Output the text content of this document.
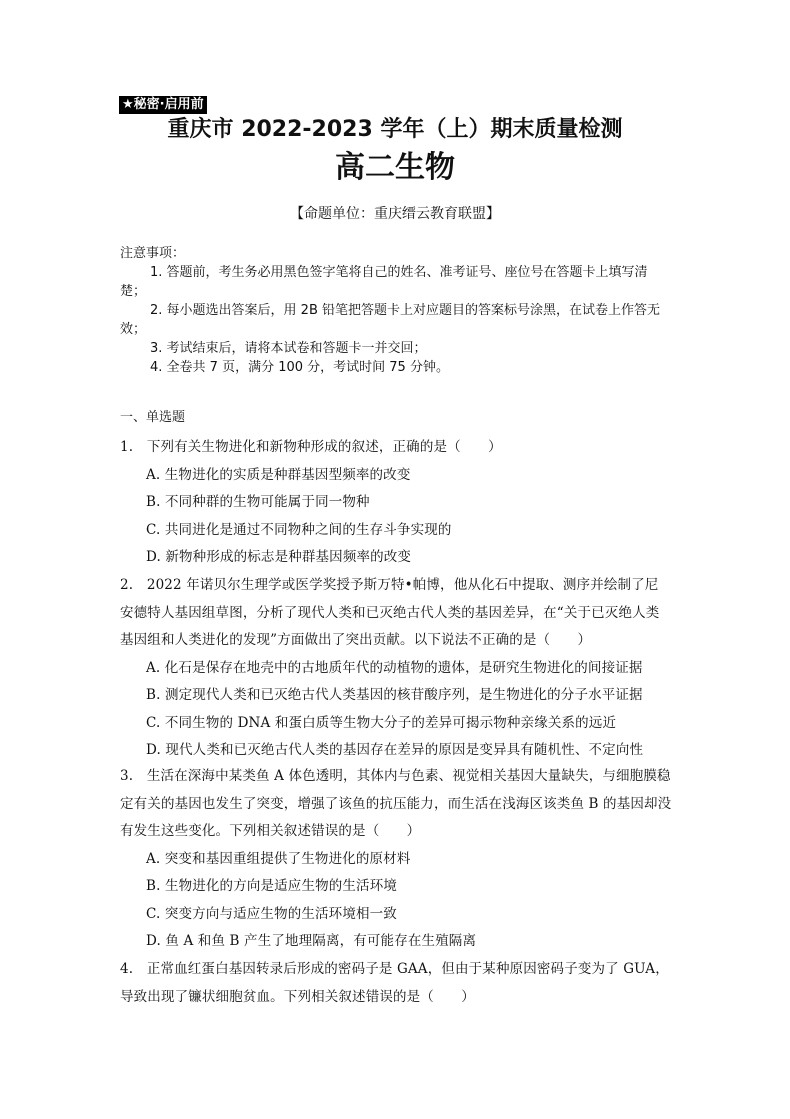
★秘密·启用前
重庆市 2022-2023 学年（上）期末质量检测
高二生物
【命题单位：重庆缙云教育联盟】

注意事项：

1. 答题前，考生务必用黑色签字笔将自己的姓名、准考证号、座位号在答题卡上填写清楚；

2. 每小题选出答案后，用 2B 铅笔把答题卡上对应题目的答案标号涂黑，在试卷上作答无效；

3. 考试结束后，请将本试卷和答题卡一并交回；

4. 全卷共 7 页，满分 100 分，考试时间 75 分钟。

一、单选题

1.　下列有关生物进化和新物种形成的叙述，正确的是（　　）

A. 生物进化的实质是种群基因型频率的改变

B. 不同种群的生物可能属于同一物种

C. 共同进化是通过不同物种之间的生存斗争实现的

D. 新物种形成的标志是种群基因频率的改变

2.　2022 年诺贝尔生理学或医学奖授予斯万特•帕博，他从化石中提取、测序并绘制了尼安德特人基因组草图，分析了现代人类和已灭绝古代人类的基因差异，在“关于已灭绝人类基因组和人类进化的发现”方面做出了突出贡献。以下说法不正确的是（　　）

A. 化石是保存在地壳中的古地质年代的动植物的遗体，是研究生物进化的间接证据

B. 测定现代人类和已灭绝古代人类基因的核苷酸序列，是生物进化的分子水平证据

C. 不同生物的 DNA 和蛋白质等生物大分子的差异可揭示物种亲缘关系的远近

D. 现代人类和已灭绝古代人类的基因存在差异的原因是变异具有随机性、不定向性

3.　生活在深海中某类鱼 A 体色透明，其体内与色素、视觉相关基因大量缺失，与细胞膜稳定有关的基因也发生了突变，增强了该鱼的抗压能力，而生活在浅海区该类鱼 B 的基因却没有发生这些变化。下列相关叙述错误的是（　　）

A. 突变和基因重组提供了生物进化的原材料

B. 生物进化的方向是适应生物的生活环境

C. 突变方向与适应生物的生活环境相一致

D. 鱼 A 和鱼 B 产生了地理隔离，有可能存在生殖隔离

4.　正常血红蛋白基因转录后形成的密码子是 GAA，但由于某种原因密码子变为了 GUA，导致出现了镰状细胞贫血。下列相关叙述错误的是（　　）
